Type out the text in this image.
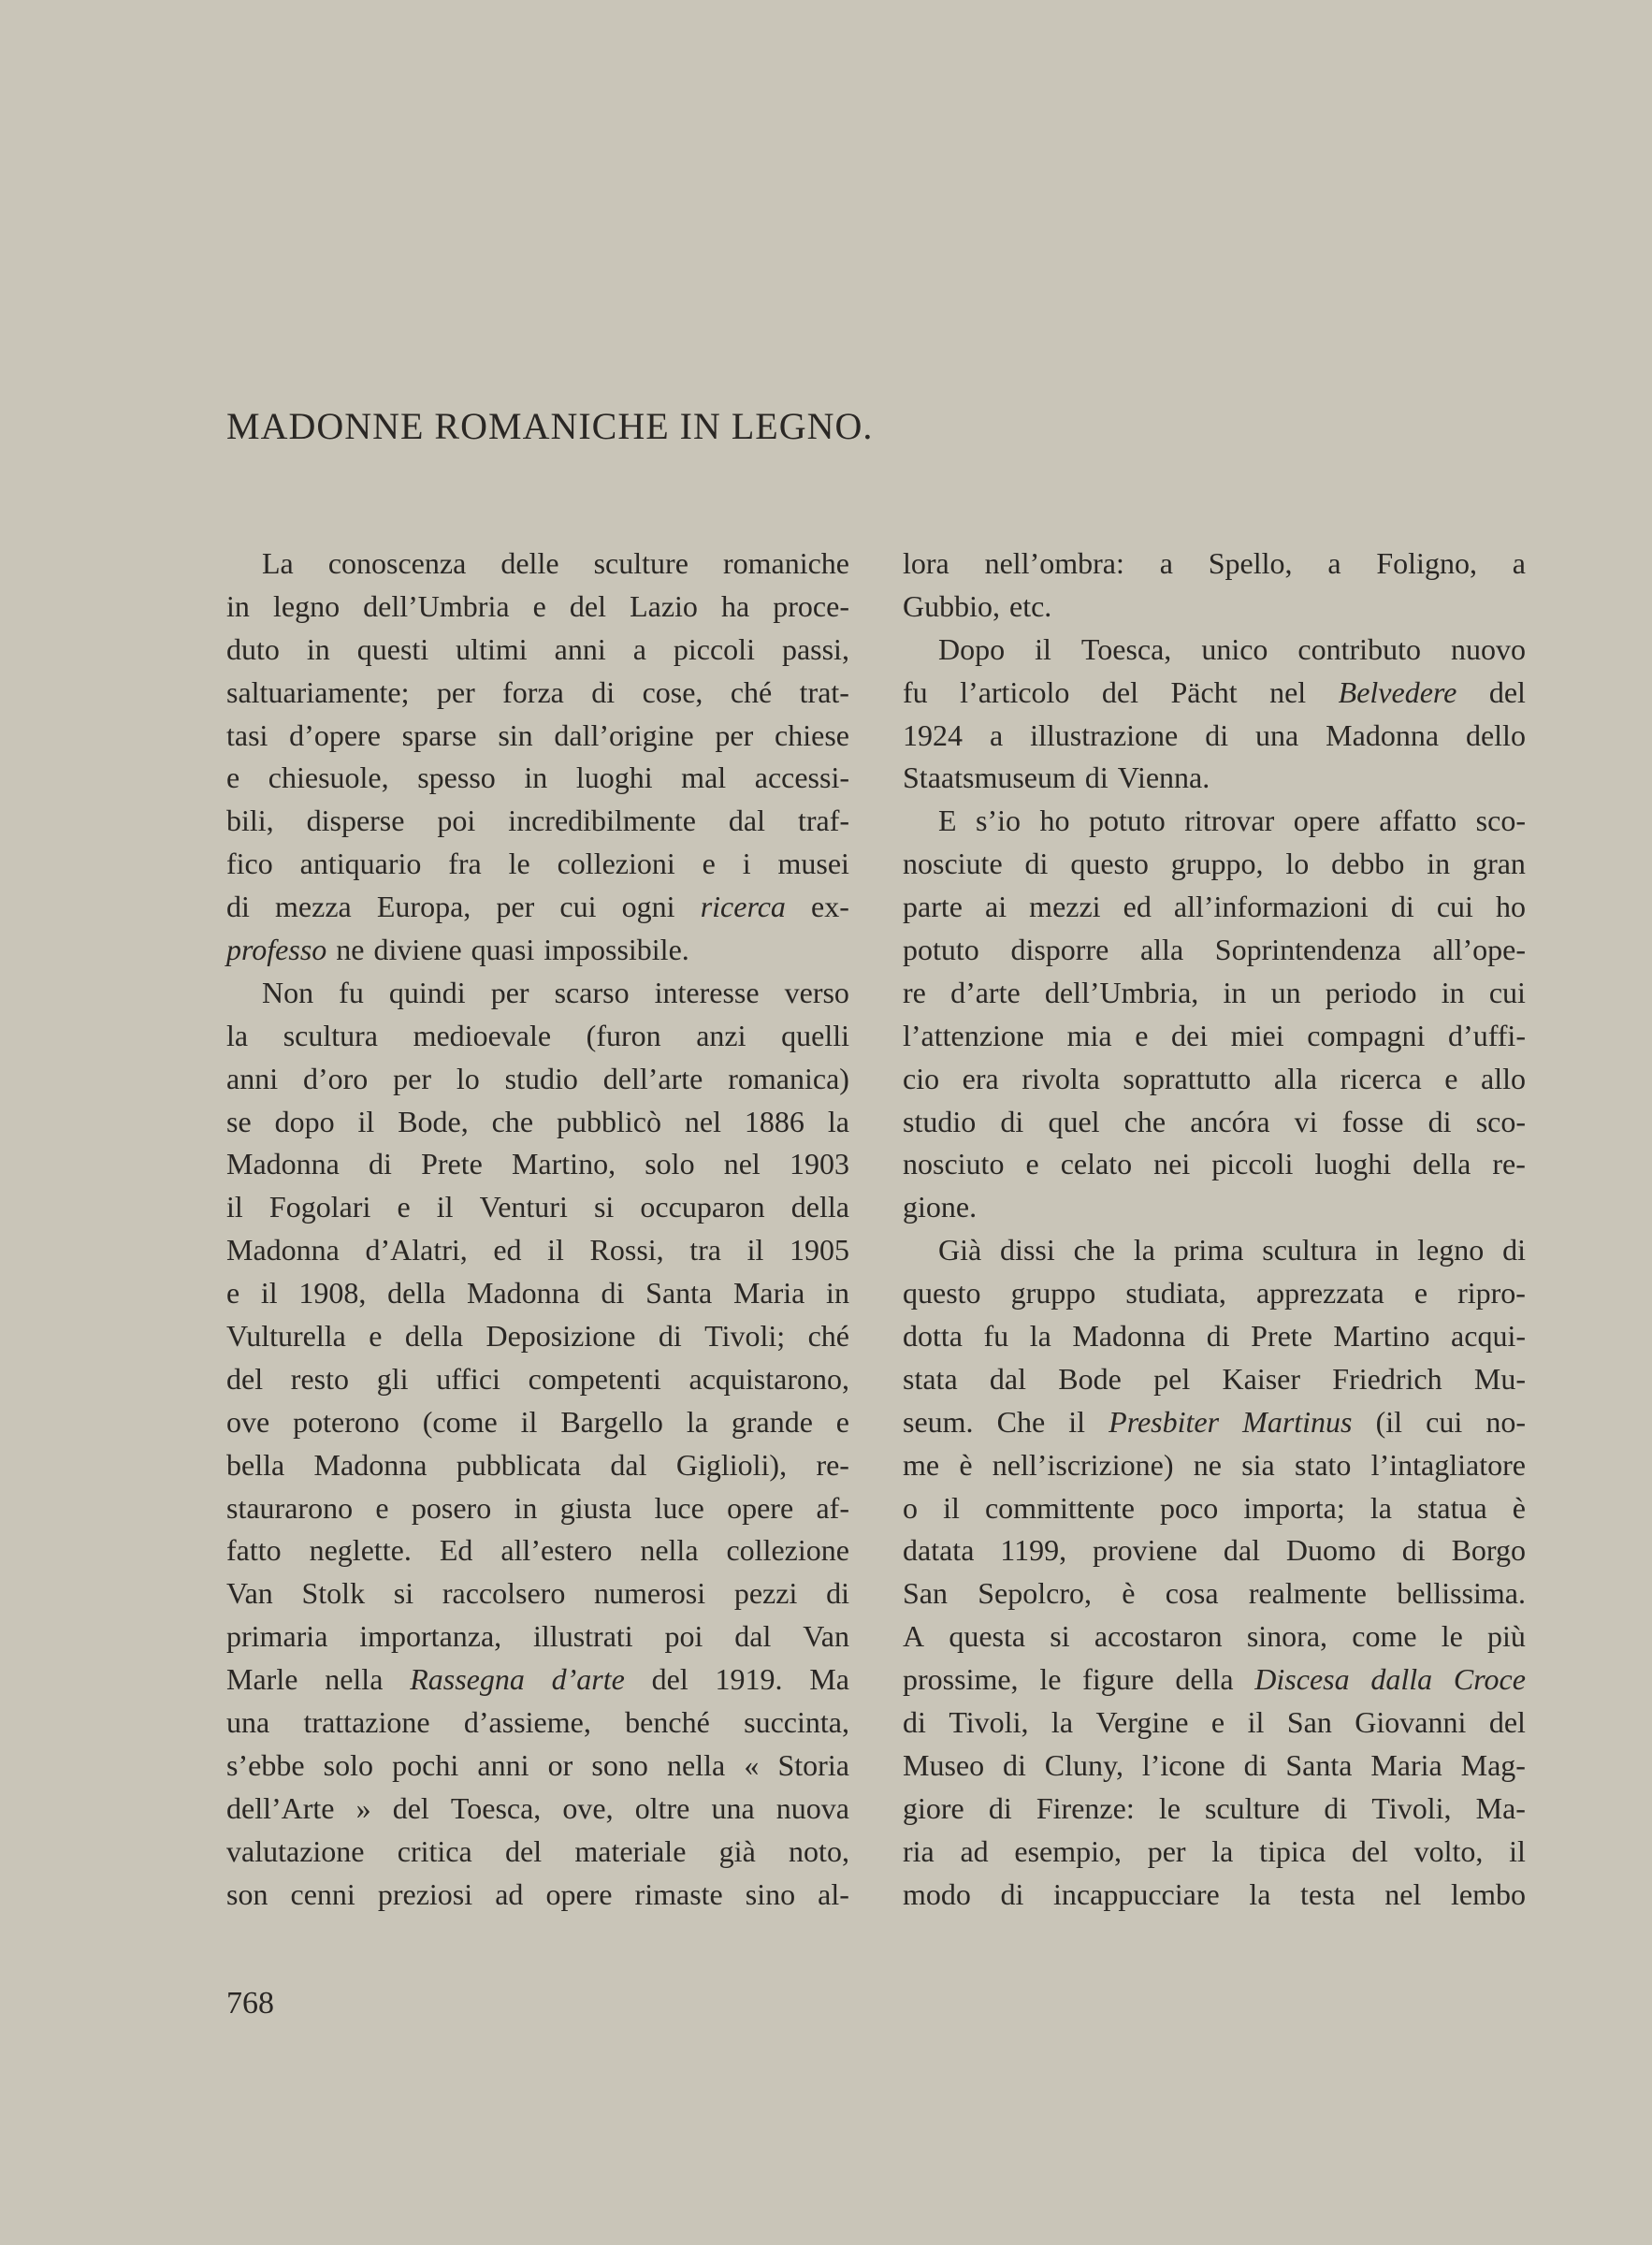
MADONNE ROMANICHE IN LEGNO.
La conoscenza delle sculture romaniche
in legno dell’Umbria e del Lazio ha proce-
duto in questi ultimi anni a piccoli passi,
saltuariamente; per forza di cose, ché trat-
tasi d’opere sparse sin dall’origine per chiese
e chiesuole, spesso in luoghi mal accessi-
bili, disperse poi incredibilmente dal traf-
fico antiquario fra le collezioni e i musei
di mezza Europa, per cui ogni ricerca ex-
professo ne diviene quasi impossibile.
Non fu quindi per scarso interesse verso
la scultura medioevale (furon anzi quelli
anni d’oro per lo studio dell’arte romanica)
se dopo il Bode, che pubblicò nel 1886 la
Madonna di Prete Martino, solo nel 1903
il Fogolari e il Venturi si occuparon della
Madonna d’Alatri, ed il Rossi, tra il 1905
e il 1908, della Madonna di Santa Maria in
Vulturella e della Deposizione di Tivoli; ché
del resto gli uffici competenti acquistarono,
ove poterono (come il Bargello la grande e
bella Madonna pubblicata dal Giglioli), re-
staurarono e posero in giusta luce opere af-
fatto neglette. Ed all’estero nella collezione
Van Stolk si raccolsero numerosi pezzi di
primaria importanza, illustrati poi dal Van
Marle nella Rassegna d’arte del 1919. Ma
una trattazione d’assieme, benché succinta,
s’ebbe solo pochi anni or sono nella « Storia
dell’Arte » del Toesca, ove, oltre una nuova
valutazione critica del materiale già noto,
son cenni preziosi ad opere rimaste sino al-
lora nell’ombra: a Spello, a Foligno, a
Gubbio, etc.
Dopo il Toesca, unico contributo nuovo
fu l’articolo del Pächt nel Belvedere del
1924 a illustrazione di una Madonna dello
Staatsmuseum di Vienna.
E s’io ho potuto ritrovar opere affatto sco-
nosciute di questo gruppo, lo debbo in gran
parte ai mezzi ed all’informazioni di cui ho
potuto disporre alla Soprintendenza all’ope-
re d’arte dell’Umbria, in un periodo in cui
l’attenzione mia e dei miei compagni d’uffi-
cio era rivolta soprattutto alla ricerca e allo
studio di quel che ancóra vi fosse di sco-
nosciuto e celato nei piccoli luoghi della re-
gione.
Già dissi che la prima scultura in legno di
questo gruppo studiata, apprezzata e ripro-
dotta fu la Madonna di Prete Martino acqui-
stata dal Bode pel Kaiser Friedrich Mu-
seum. Che il Presbiter Martinus (il cui no-
me è nell’iscrizione) ne sia stato l’intagliatore
o il committente poco importa; la statua è
datata 1199, proviene dal Duomo di Borgo
San Sepolcro, è cosa realmente bellissima.
A questa si accostaron sinora, come le più
prossime, le figure della Discesa dalla Croce
di Tivoli, la Vergine e il San Giovanni del
Museo di Cluny, l’icone di Santa Maria Mag-
giore di Firenze: le sculture di Tivoli, Ma-
ria ad esempio, per la tipica del volto, il
modo di incappucciare la testa nel lembo
768
